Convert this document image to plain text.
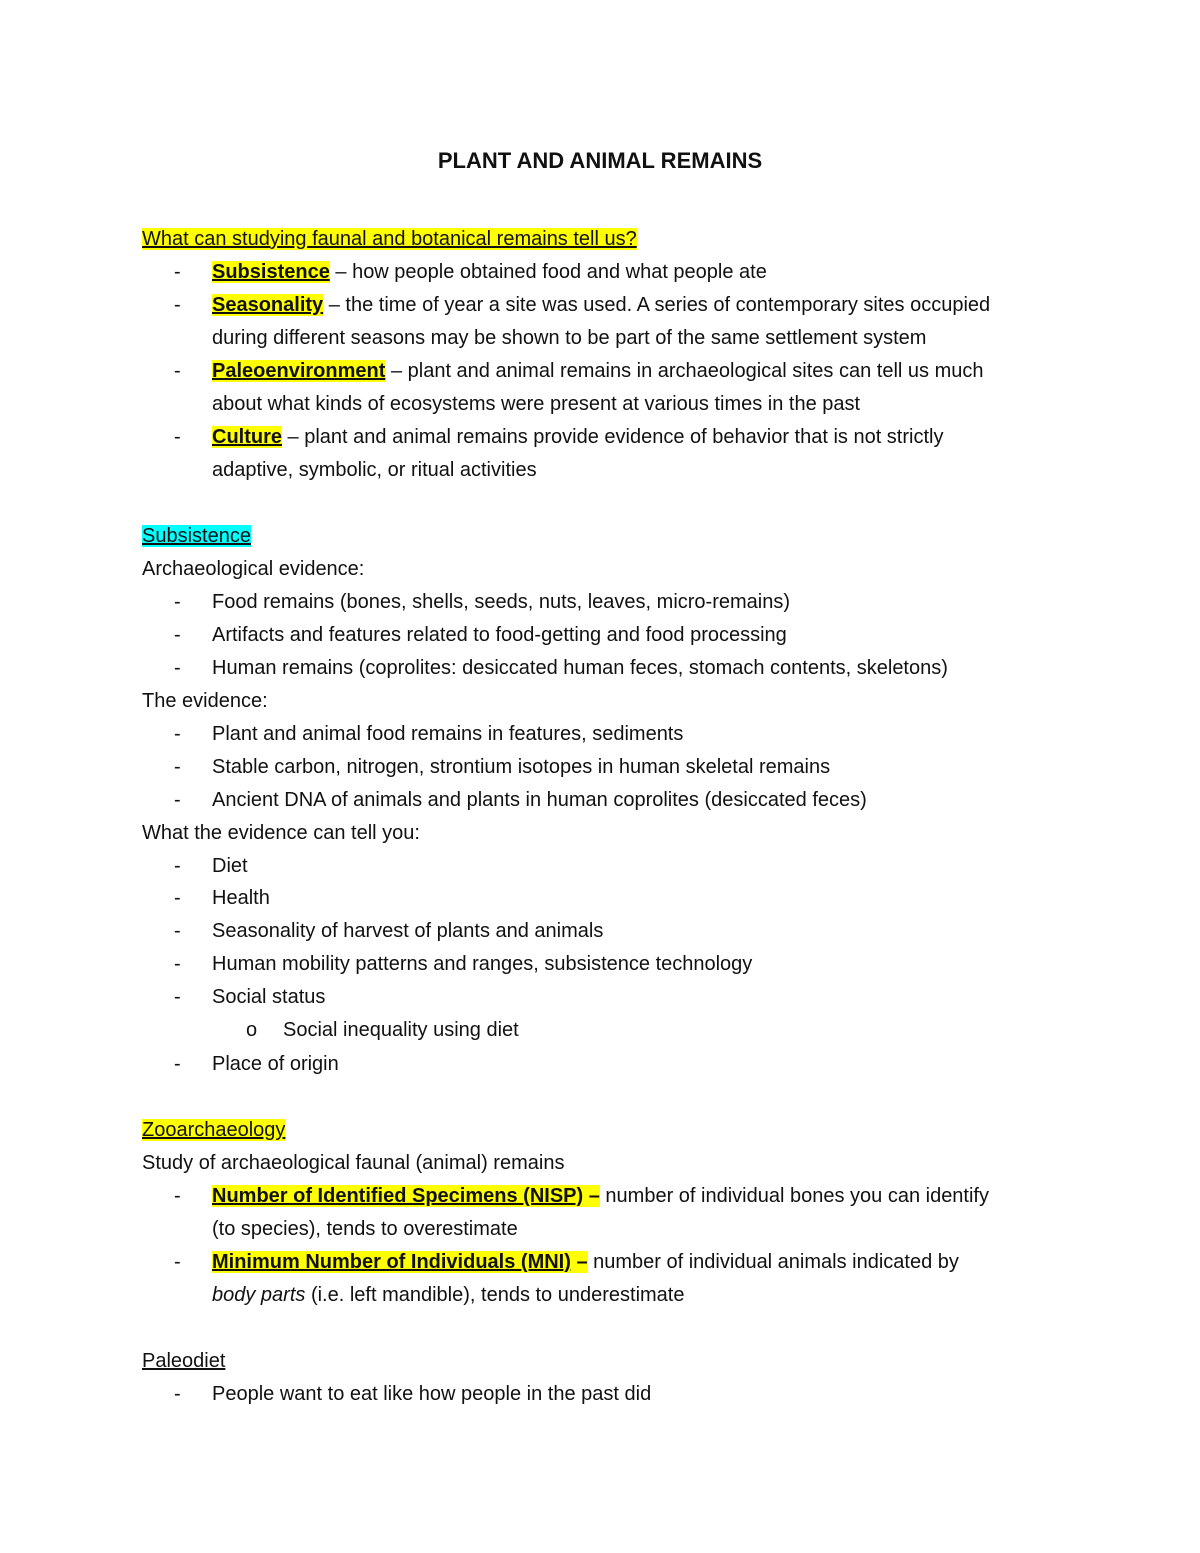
PLANT AND ANIMAL REMAINS
What can studying faunal and botanical remains tell us?
- Subsistence – how people obtained food and what people ate
- Seasonality – the time of year a site was used. A series of contemporary sites occupied
during different seasons may be shown to be part of the same settlement system
- Paleoenvironment – plant and animal remains in archaeological sites can tell us much
about what kinds of ecosystems were present at various times in the past
- Culture – plant and animal remains provide evidence of behavior that is not strictly
adaptive, symbolic, or ritual activities
Subsistence
Archaeological evidence:
- Food remains (bones, shells, seeds, nuts, leaves, micro-remains)
- Artifacts and features related to food-getting and food processing
- Human remains (coprolites: desiccated human feces, stomach contents, skeletons)
The evidence:
- Plant and animal food remains in features, sediments
- Stable carbon, nitrogen, strontium isotopes in human skeletal remains
- Ancient DNA of animals and plants in human coprolites (desiccated feces)
What the evidence can tell you:
- Diet
- Health
- Seasonality of harvest of plants and animals
- Human mobility patterns and ranges, subsistence technology
- Social status
o Social inequality using diet
- Place of origin
Zooarchaeology
Study of archaeological faunal (animal) remains
- Number of Identified Specimens (NISP) – number of individual bones you can identify
(to species), tends to overestimate
- Minimum Number of Individuals (MNI) – number of individual animals indicated by
body parts (i.e. left mandible), tends to underestimate
Paleodiet
- People want to eat like how people in the past did
